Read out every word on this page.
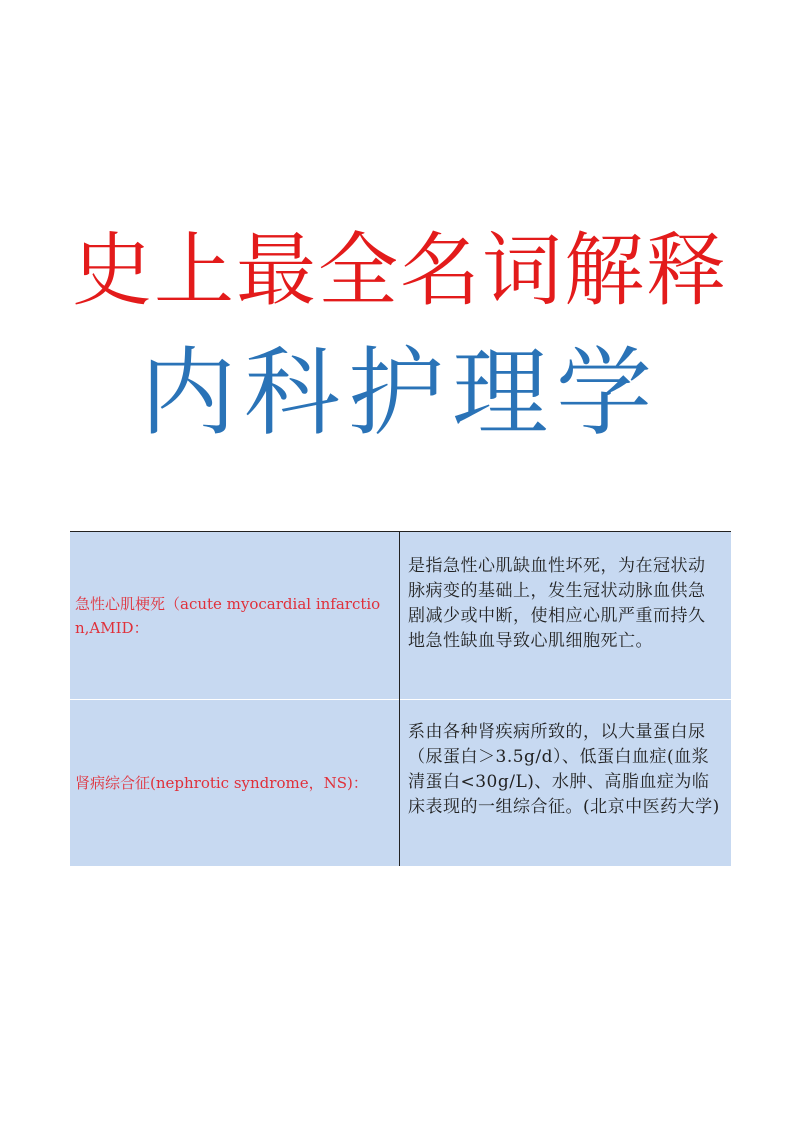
史上最全名词解释
内科护理学
急性心肌梗死（acute myocardial infarction,AMID：	是指急性心肌缺血性坏死，为在冠状动脉病变的基础上，发生冠状动脉血供急剧减少或中断，使相应心肌严重而持久地急性缺血导致心肌细胞死亡。

肾病综合征(nephrotic syndrome，NS)：	系由各种肾疾病所致的，以大量蛋白尿（尿蛋白＞3.5g/d）、低蛋白血症(血浆清蛋白<30g/L)、水肿、高脂血症为临床表现的一组综合征。(北京中医药大学)
